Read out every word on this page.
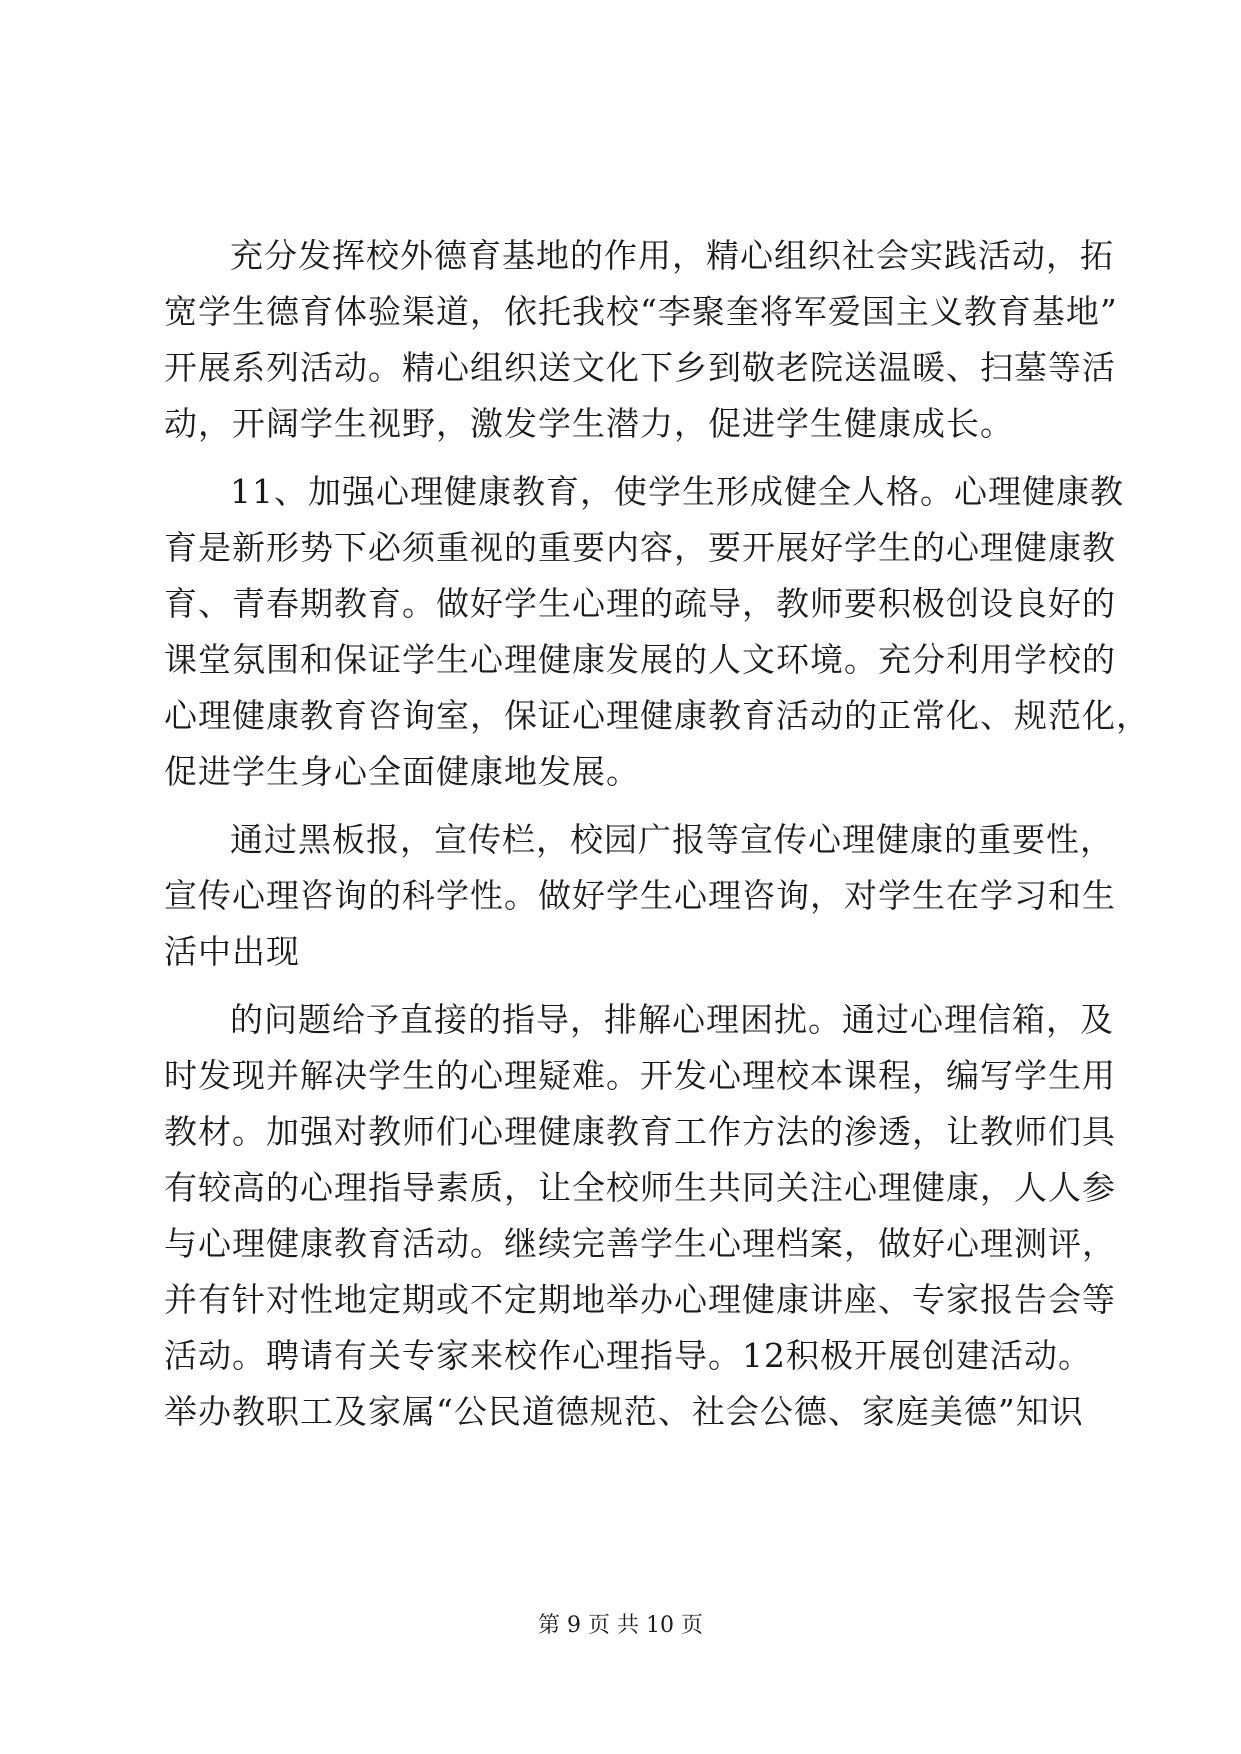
充分发挥校外德育基地的作用，精心组织社会实践活动，拓
宽学生德育体验渠道，依托我校“李聚奎将军爱国主义教育基地”
开展系列活动。精心组织送文化下乡到敬老院送温暖、扫墓等活
动，开阔学生视野，激发学生潜力，促进学生健康成长。
11、加强心理健康教育，使学生形成健全人格。心理健康教
育是新形势下必须重视的重要内容，要开展好学生的心理健康教
育、青春期教育。做好学生心理的疏导，教师要积极创设良好的
课堂氛围和保证学生心理健康发展的人文环境。充分利用学校的
心理健康教育咨询室，保证心理健康教育活动的正常化、规范化，
促进学生身心全面健康地发展。
通过黑板报，宣传栏，校园广报等宣传心理健康的重要性，
宣传心理咨询的科学性。做好学生心理咨询，对学生在学习和生
活中出现
的问题给予直接的指导，排解心理困扰。通过心理信箱，及
时发现并解决学生的心理疑难。开发心理校本课程，编写学生用
教材。加强对教师们心理健康教育工作方法的渗透，让教师们具
有较高的心理指导素质，让全校师生共同关注心理健康，人人参
与心理健康教育活动。继续完善学生心理档案，做好心理测评，
并有针对性地定期或不定期地举办心理健康讲座、专家报告会等
活动。聘请有关专家来校作心理指导。12积极开展创建活动。
举办教职工及家属“公民道德规范、社会公德、家庭美德”知识
第 9 页 共 10 页
